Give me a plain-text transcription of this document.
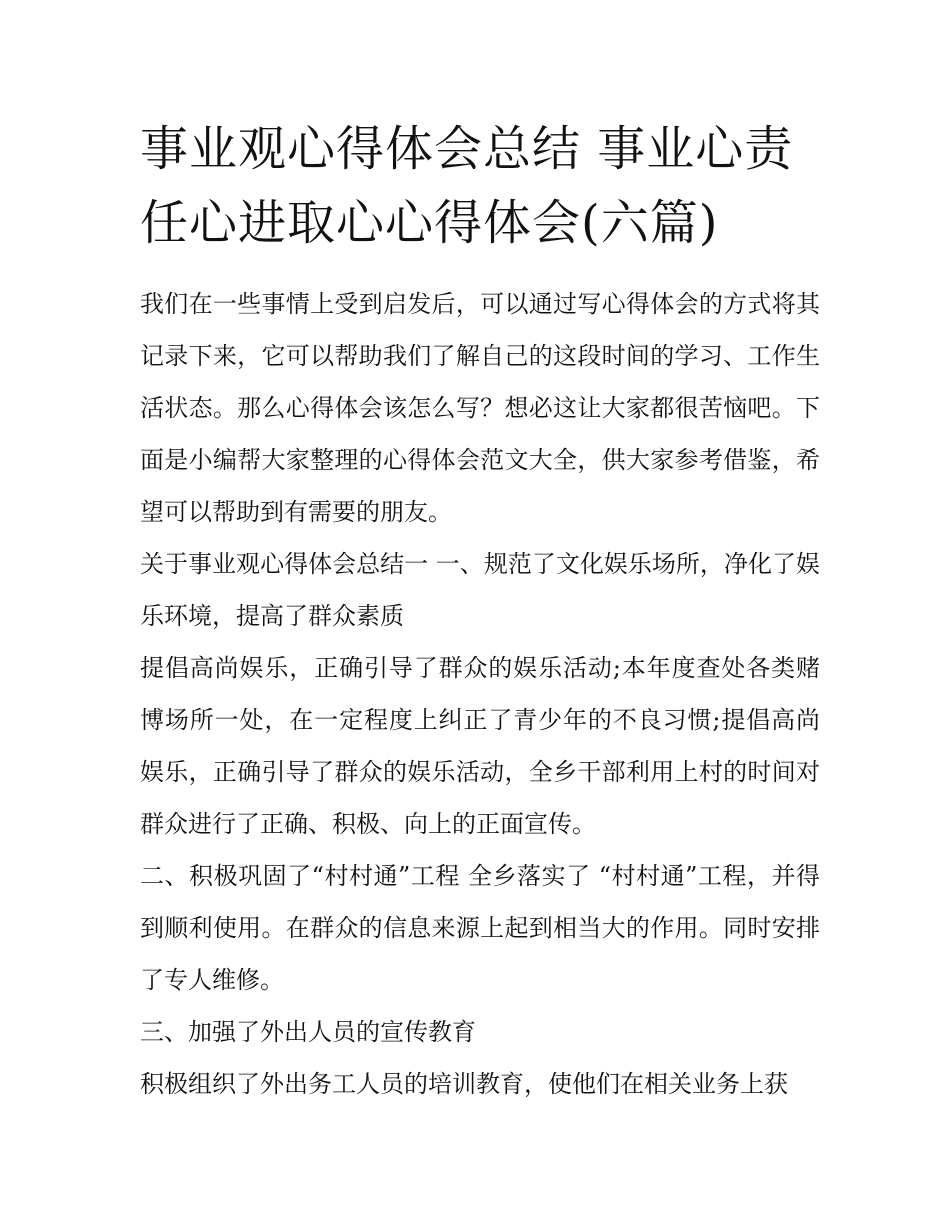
事业观心得体会总结 事业心责任心进取心心得体会(六篇)

我们在一些事情上受到启发后，可以通过写心得体会的方式将其记录下来，它可以帮助我们了解自己的这段时间的学习、工作生活状态。那么心得体会该怎么写？想必这让大家都很苦恼吧。下面是小编帮大家整理的心得体会范文大全，供大家参考借鉴，希望可以帮助到有需要的朋友。

关于事业观心得体会总结一 一、规范了文化娱乐场所，净化了娱乐环境，提高了群众素质

提倡高尚娱乐，正确引导了群众的娱乐活动;本年度查处各类赌博场所一处，在一定程度上纠正了青少年的不良习惯;提倡高尚娱乐，正确引导了群众的娱乐活动，全乡干部利用上村的时间对群众进行了正确、积极、向上的正面宣传。

二、积极巩固了“村村通”工程 全乡落实了 “村村通”工程，并得到顺利使用。在群众的信息来源上起到相当大的作用。同时安排了专人维修。

三、加强了外出人员的宣传教育

积极组织了外出务工人员的培训教育，使他们在相关业务上获
